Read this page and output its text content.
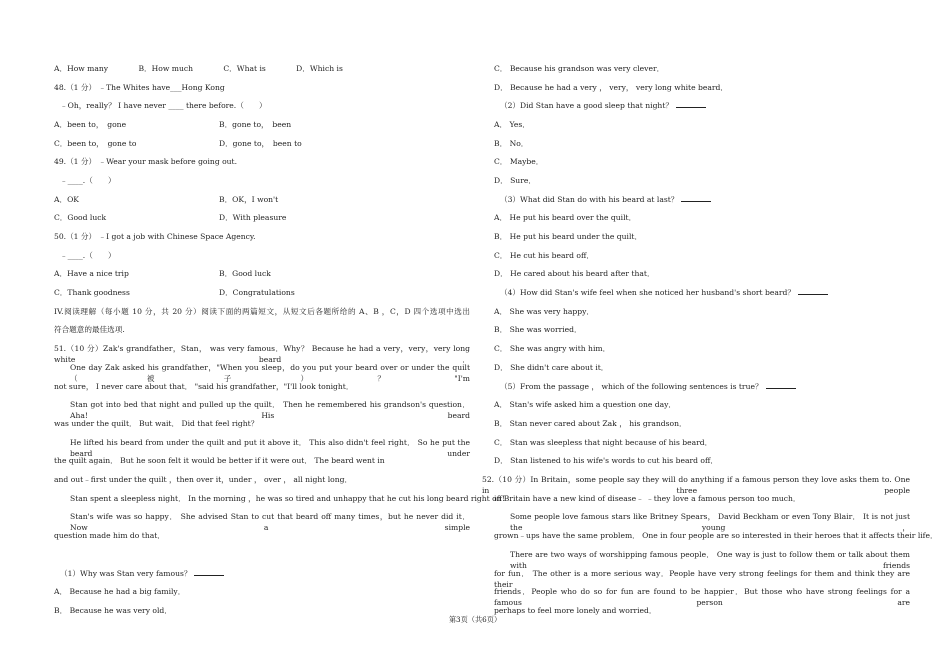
A．How many　　　　B．How much　　　　C．What is　　　　D．Which is
48.（1 分） ﹣The Whites have___Hong Kong
﹣Oh，really？ I have never ____ there before.（　　）
A．been to，　gone	B．gone to，　been
C．been to，　gone to	D．gone to，　been to
49.（1 分） ﹣Wear your mask before going out.
﹣____.（　　）
A．OK	B．OK，I won't
C．Good luck	D．With pleasure
50.（1 分） ﹣I got a job with Chinese Space Agency.
﹣____.（　　）
A．Have a nice trip	B．Good luck
C．Thank goodness	D．Congratulations
IV.阅读理解（每小题 10 分，共 20 分）阅读下面的两篇短文，从短文后各题所给的 A、B ，C，D 四个选项中选出
符合题意的最佳选项.
51.（10 分）Zak's grandfather，Stan， was very famous．Why？ Because he had a very，very，very long white beard．
One day Zak asked his grandfather，"When you sleep，do you put your beard over or under the quilt（被子）？"I'm
not sure， I never care about that． "said his grandfather，"I'll look tonight．
Stan got into bed that night and pulled up the quilt． Then he remembered his grandson's question．Aha! His beard
was under the quilt． But wait． Did that feel right？
He lifted his beard from under the quilt and put it above it． This also didn't feel right． So he put the beard under
the quilt again． But he soon felt it would be better if it were out． The beard went in
and out﹣first under the quilt ，then over it，under ， over ， all night long．
Stan spent a sleepless night． In the morning ，he was so tired and unhappy that he cut his long beard right off!
Stan's wife was so happy． She advised Stan to cut that beard off many times，but he never did it． Now a simple
question made him do that．
（1）Why was Stan very famous？
A． Because he had a big family．
B． Because he was very old．
C． Because his grandson was very clever．
D． Because he had a very ， very， very long white beard．
（2）Did Stan have a good sleep that night？
A． Yes．
B． No．
C． Maybe．
D． Sure．
（3）What did Stan do with his beard at last？
A． He put his beard over the quilt．
B． He put his beard under the quilt．
C． He cut his beard off．
D． He cared about his beard after that．
（4）How did Stan's wife feel when she noticed her husband's short beard？
A． She was very happy．
B． She was worried．
C． She was angry with him．
D． She didn't care about it．
（5）From the passage ， which of the following sentences is true？
A． Stan's wife asked him a question one day．
B． Stan never cared about Zak ， his grandson．
C． Stan was sleepless that night because of his beard．
D． Stan listened to his wife's words to cut his beard off．
52.（10 分）In Britain，some people say they will do anything if a famous person they love asks them to. One in three people
in Britain have a new kind of disease﹣ ﹣they love a famous person too much．
Some people love famous stars like Britney Spears， David Beckham or even Tony Blair． It is not just the young，
grown﹣ups have the same problem． One in four people are so interested in their heroes that it affects their life．
There are two ways of worshipping famous people． One way is just to follow them or talk about them with friends
for fun． The other is a more serious way．People have very strong feelings for them and think they are their
friends．People who do so for fun are found to be happier．But those who have strong feelings for a famous person are
perhaps to feel more lonely and worried．
第3页（共6页）
